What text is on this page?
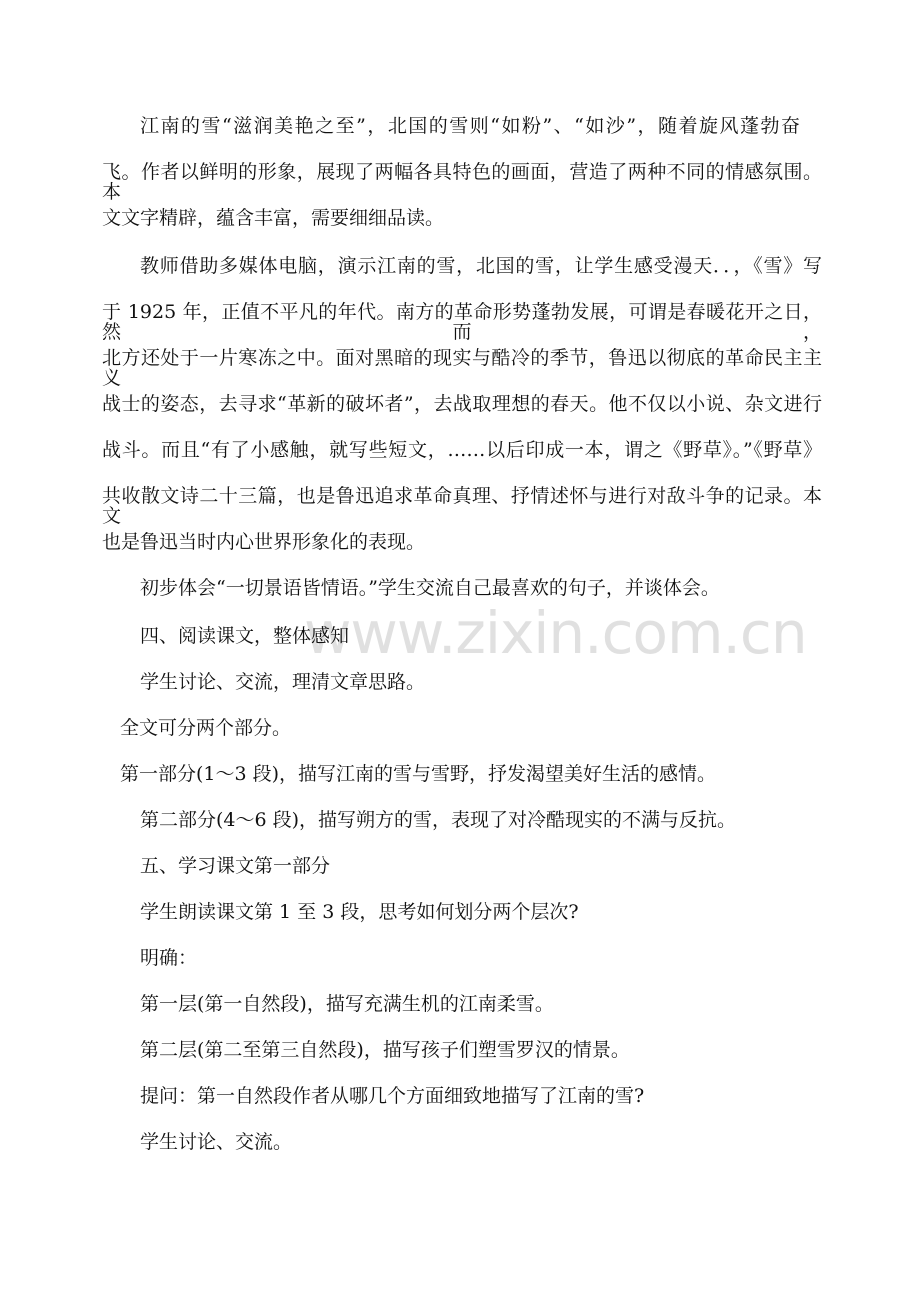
www.zixin.com.cn
江南的雪“滋润美艳之至”，北国的雪则“如粉”、“如沙”，随着旋风蓬勃奋
飞。作者以鲜明的形象，展现了两幅各具特色的画面，营造了两种不同的情感氛围。本
文文字精辟，蕴含丰富，需要细细品读。
教师借助多媒体电脑，演示江南的雪，北国的雪，让学生感受漫天．．，《雪》写
于 1925 年，正值不平凡的年代。南方的革命形势蓬勃发展，可谓是春暖花开之日，然而，
北方还处于一片寒冻之中。面对黑暗的现实与酷冷的季节，鲁迅以彻底的革命民主主义
战士的姿态，去寻求“革新的破坏者”，去战取理想的春天。他不仅以小说、杂文进行
战斗。而且“有了小感触，就写些短文，……以后印成一本，谓之《野草》。”《野草》
共收散文诗二十三篇，也是鲁迅追求革命真理、抒情述怀与进行对敌斗争的记录。本文
也是鲁迅当时内心世界形象化的表现。
初步体会“一切景语皆情语。”学生交流自己最喜欢的句子，并谈体会。
四、阅读课文，整体感知
学生讨论、交流，理清文章思路。
全文可分两个部分。
第一部分(1～3 段)，描写江南的雪与雪野，抒发渴望美好生活的感情。
第二部分(4～6 段)，描写朔方的雪，表现了对冷酷现实的不满与反抗。
五、学习课文第一部分
学生朗读课文第 1 至 3 段，思考如何划分两个层次?
明确：
第一层(第一自然段)，描写充满生机的江南柔雪。
第二层(第二至第三自然段)，描写孩子们塑雪罗汉的情景。
提问：第一自然段作者从哪几个方面细致地描写了江南的雪?
学生讨论、交流。
